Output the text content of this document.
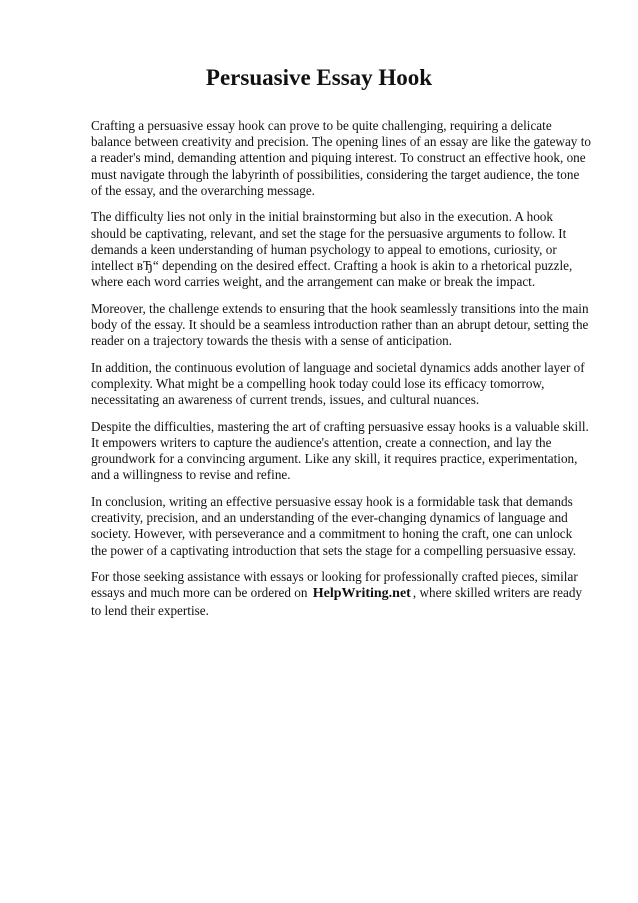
Persuasive Essay Hook

Crafting a persuasive essay hook can prove to be quite challenging, requiring a delicate balance between creativity and precision. The opening lines of an essay are like the gateway to a reader's mind, demanding attention and piquing interest. To construct an effective hook, one must navigate through the labyrinth of possibilities, considering the target audience, the tone of the essay, and the overarching message.

The difficulty lies not only in the initial brainstorming but also in the execution. A hook should be captivating, relevant, and set the stage for the persuasive arguments to follow. It demands a keen understanding of human psychology to appeal to emotions, curiosity, or intellect вЂ“ depending on the desired effect. Crafting a hook is akin to a rhetorical puzzle, where each word carries weight, and the arrangement can make or break the impact.

Moreover, the challenge extends to ensuring that the hook seamlessly transitions into the main body of the essay. It should be a seamless introduction rather than an abrupt detour, setting the reader on a trajectory towards the thesis with a sense of anticipation.

In addition, the continuous evolution of language and societal dynamics adds another layer of complexity. What might be a compelling hook today could lose its efficacy tomorrow, necessitating an awareness of current trends, issues, and cultural nuances.

Despite the difficulties, mastering the art of crafting persuasive essay hooks is a valuable skill. It empowers writers to capture the audience's attention, create a connection, and lay the groundwork for a convincing argument. Like any skill, it requires practice, experimentation, and a willingness to revise and refine.

In conclusion, writing an effective persuasive essay hook is a formidable task that demands creativity, precision, and an understanding of the ever-changing dynamics of language and society. However, with perseverance and a commitment to honing the craft, one can unlock the power of a captivating introduction that sets the stage for a compelling persuasive essay.

For those seeking assistance with essays or looking for professionally crafted pieces, similar essays and much more can be ordered on HelpWriting.net , where skilled writers are ready to lend their expertise.
